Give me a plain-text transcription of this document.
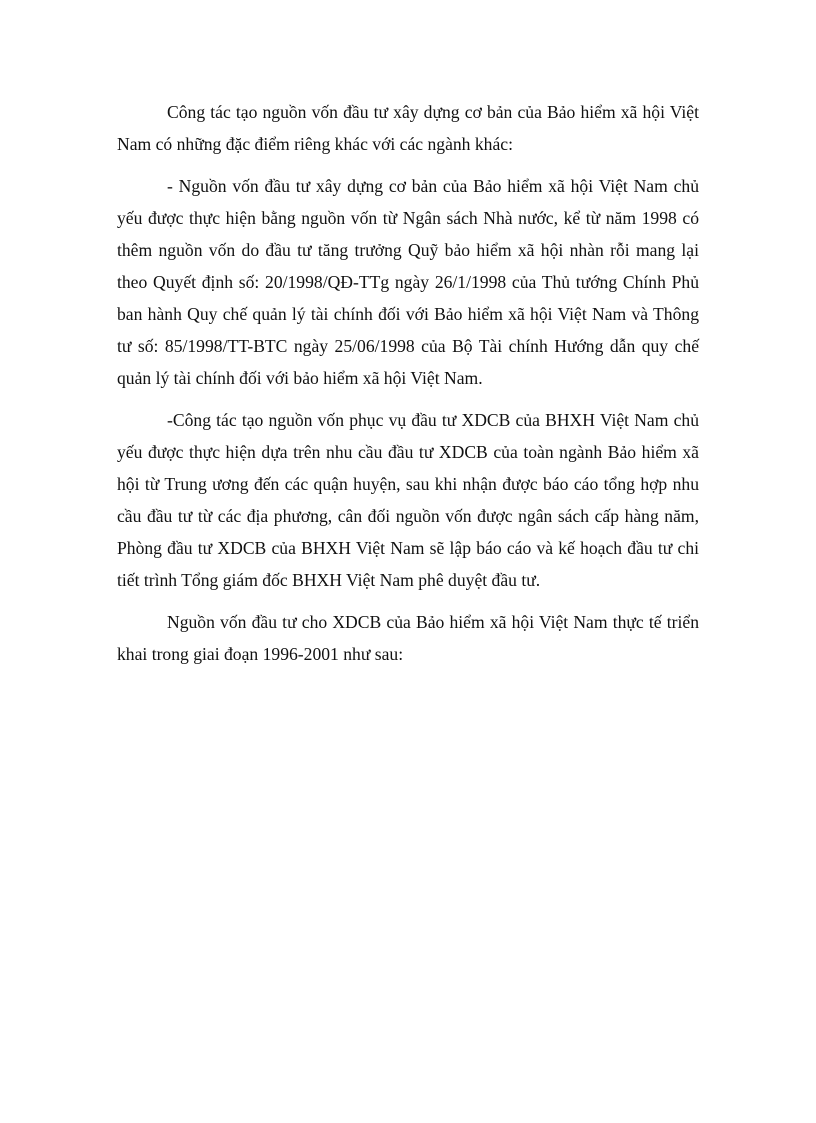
Công tác tạo nguồn vốn đầu tư xây dựng cơ bản của Bảo hiểm xã hội Việt Nam có những đặc điểm riêng khác với các ngành khác:

- Nguồn vốn đầu tư xây dựng cơ bản của Bảo hiểm xã hội Việt Nam chủ yếu được thực hiện bằng nguồn vốn từ Ngân sách Nhà nước, kể từ năm 1998 có thêm nguồn vốn do đầu tư tăng trưởng Quỹ bảo hiểm xã hội nhàn rỗi mang lại theo Quyết định số: 20/1998/QĐ-TTg ngày 26/1/1998 của Thủ tướng Chính Phủ ban hành Quy chế quản lý tài chính đối với Bảo hiểm xã hội Việt Nam và Thông tư số: 85/1998/TT-BTC ngày 25/06/1998 của Bộ Tài chính Hướng dẫn quy chế quản lý tài chính đối với bảo hiểm xã hội Việt Nam.

-Công tác tạo nguồn vốn phục vụ đầu tư XDCB của BHXH Việt Nam chủ yếu được thực hiện dựa trên nhu cầu đầu tư XDCB của toàn ngành Bảo hiểm xã hội từ Trung ương đến các quận huyện, sau khi nhận được báo cáo tổng hợp nhu cầu đầu tư từ các địa phương, cân đối nguồn vốn được ngân sách cấp hàng năm, Phòng đầu tư XDCB của BHXH Việt Nam sẽ lập báo cáo và kế hoạch đầu tư chi tiết trình Tổng giám đốc BHXH Việt Nam phê duyệt đầu tư.

Nguồn vốn đầu tư cho XDCB của Bảo hiểm xã hội Việt Nam thực tế triển khai trong giai đoạn 1996-2001 như sau:
